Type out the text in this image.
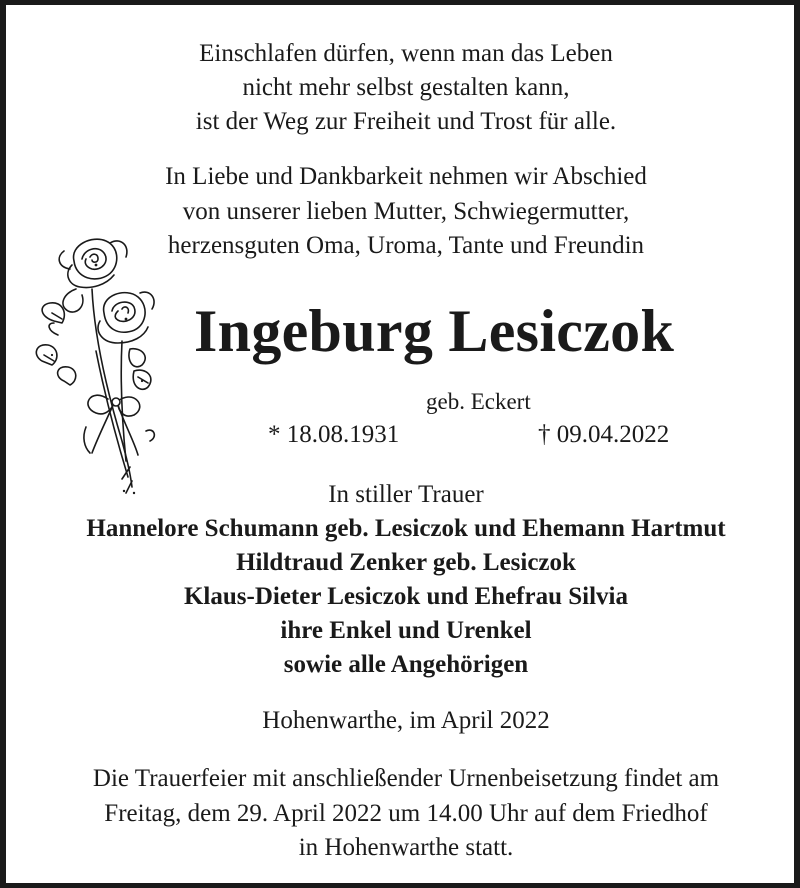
Einschlafen dürfen, wenn man das Leben
nicht mehr selbst gestalten kann,
ist der Weg zur Freiheit und Trost für alle.
In Liebe und Dankbarkeit nehmen wir Abschied
von unserer lieben Mutter, Schwiegermutter,
herzensguten Oma, Uroma, Tante und Freundin
Ingeburg Lesiczok
geb. Eckert
* 18.08.1931	† 09.04.2022
In stiller Trauer
Hannelore Schumann geb. Lesiczok und Ehemann Hartmut
Hildtraud Zenker geb. Lesiczok
Klaus-Dieter Lesiczok und Ehefrau Silvia
ihre Enkel und Urenkel
sowie alle Angehörigen
Hohenwarthe, im April 2022
Die Trauerfeier mit anschließender Urnenbeisetzung findet am
Freitag, dem 29. April 2022 um 14.00 Uhr auf dem Friedhof
in Hohenwarthe statt.
